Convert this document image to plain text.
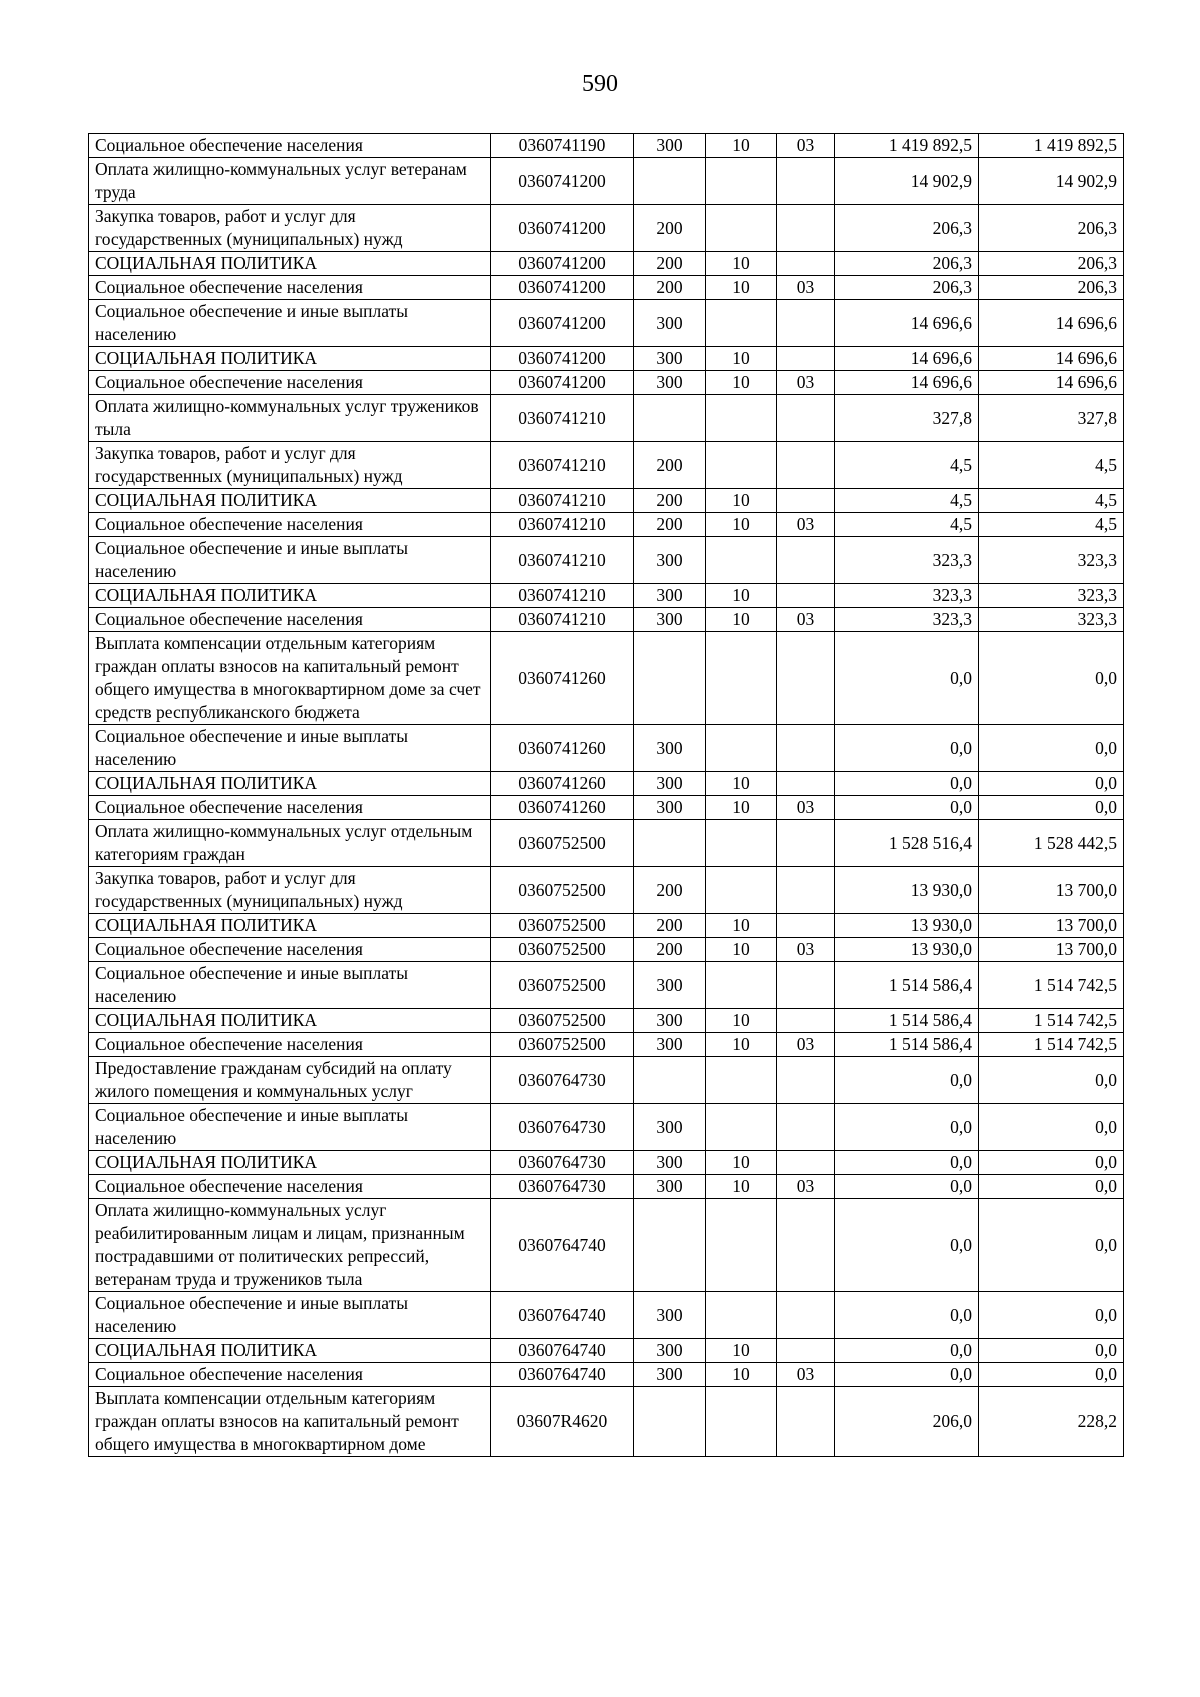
590
Социальное обеспечение населения	0360741190	300	10	03	1 419 892,5	1 419 892,5
Оплата жилищно-коммунальных услуг ветеранам труда	0360741200				14 902,9	14 902,9
Закупка товаров, работ и услуг для государственных (муниципальных) нужд	0360741200	200			206,3	206,3
СОЦИАЛЬНАЯ ПОЛИТИКА	0360741200	200	10		206,3	206,3
Социальное обеспечение населения	0360741200	200	10	03	206,3	206,3
Социальное обеспечение и иные выплаты населению	0360741200	300			14 696,6	14 696,6
СОЦИАЛЬНАЯ ПОЛИТИКА	0360741200	300	10		14 696,6	14 696,6
Социальное обеспечение населения	0360741200	300	10	03	14 696,6	14 696,6
Оплата жилищно-коммунальных услуг тружеников тыла	0360741210				327,8	327,8
Закупка товаров, работ и услуг для государственных (муниципальных) нужд	0360741210	200			4,5	4,5
СОЦИАЛЬНАЯ ПОЛИТИКА	0360741210	200	10		4,5	4,5
Социальное обеспечение населения	0360741210	200	10	03	4,5	4,5
Социальное обеспечение и иные выплаты населению	0360741210	300			323,3	323,3
СОЦИАЛЬНАЯ ПОЛИТИКА	0360741210	300	10		323,3	323,3
Социальное обеспечение населения	0360741210	300	10	03	323,3	323,3
Выплата компенсации отдельным категориям граждан оплаты взносов на капитальный ремонт общего имущества в многоквартирном доме за счет средств республиканского бюджета	0360741260				0,0	0,0
Социальное обеспечение и иные выплаты населению	0360741260	300			0,0	0,0
СОЦИАЛЬНАЯ ПОЛИТИКА	0360741260	300	10		0,0	0,0
Социальное обеспечение населения	0360741260	300	10	03	0,0	0,0
Оплата жилищно-коммунальных услуг отдельным категориям граждан	0360752500				1 528 516,4	1 528 442,5
Закупка товаров, работ и услуг для государственных (муниципальных) нужд	0360752500	200			13 930,0	13 700,0
СОЦИАЛЬНАЯ ПОЛИТИКА	0360752500	200	10		13 930,0	13 700,0
Социальное обеспечение населения	0360752500	200	10	03	13 930,0	13 700,0
Социальное обеспечение и иные выплаты населению	0360752500	300			1 514 586,4	1 514 742,5
СОЦИАЛЬНАЯ ПОЛИТИКА	0360752500	300	10		1 514 586,4	1 514 742,5
Социальное обеспечение населения	0360752500	300	10	03	1 514 586,4	1 514 742,5
Предоставление гражданам субсидий на оплату жилого помещения и коммунальных услуг	0360764730				0,0	0,0
Социальное обеспечение и иные выплаты населению	0360764730	300			0,0	0,0
СОЦИАЛЬНАЯ ПОЛИТИКА	0360764730	300	10		0,0	0,0
Социальное обеспечение населения	0360764730	300	10	03	0,0	0,0
Оплата жилищно-коммунальных услуг реабилитированным лицам и лицам, признанным пострадавшими от политических репрессий, ветеранам труда и тружеников тыла	0360764740				0,0	0,0
Социальное обеспечение и иные выплаты населению	0360764740	300			0,0	0,0
СОЦИАЛЬНАЯ ПОЛИТИКА	0360764740	300	10		0,0	0,0
Социальное обеспечение населения	0360764740	300	10	03	0,0	0,0
Выплата компенсации отдельным категориям граждан оплаты взносов на капитальный ремонт общего имущества в многоквартирном доме	03607R4620				206,0	228,2
